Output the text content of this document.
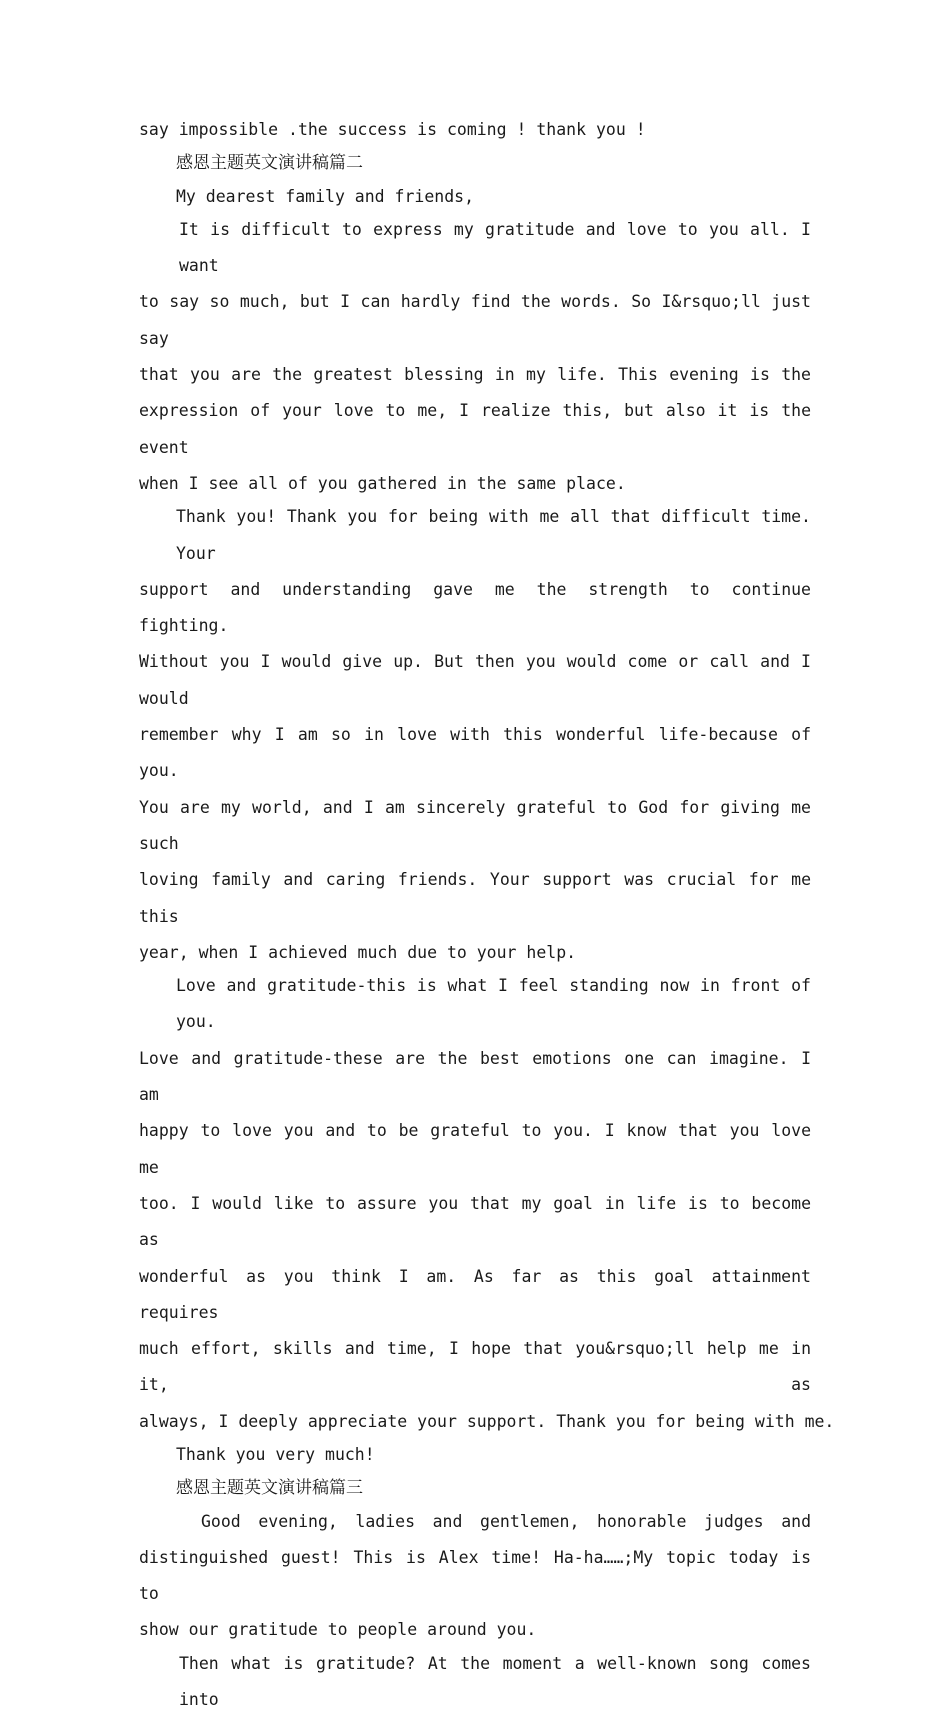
say impossible .the success is coming ! thank you !

感恩主题英文演讲稿篇二

My dearest family and friends,

It is difficult to express my gratitude and love to you all. I want

to say so much, but I can hardly find the words. So I&rsquo;ll just say

that you are the greatest blessing in my life. This evening is the

expression of your love to me, I realize this, but also it is the event

when I see all of you gathered in the same place.

Thank you! Thank you for being with me all that difficult time. Your

support and understanding gave me the strength to continue fighting.

Without you I would give up. But then you would come or call and I would

remember why I am so in love with this wonderful life-because of you.

You are my world, and I am sincerely grateful to God for giving me such

loving family and caring friends. Your support was crucial for me this

year, when I achieved much due to your help.

Love and gratitude-this is what I feel standing now in front of you.

Love and gratitude-these are the best emotions one can imagine. I am

happy to love you and to be grateful to you. I know that you love me

too. I would like to assure you that my goal in life is to become as

wonderful as you think I am. As far as this goal attainment requires

much effort, skills and time, I hope that you&rsquo;ll help me in it, as

always, I deeply appreciate your support. Thank you for being with me.

Thank you very much!

感恩主题英文演讲稿篇三

Good evening, ladies and gentlemen, honorable judges and

distinguished guest! This is Alex time! Ha-ha……;My topic today is to

show our gratitude to people around you.

Then what is gratitude? At the moment a well-known song comes into
